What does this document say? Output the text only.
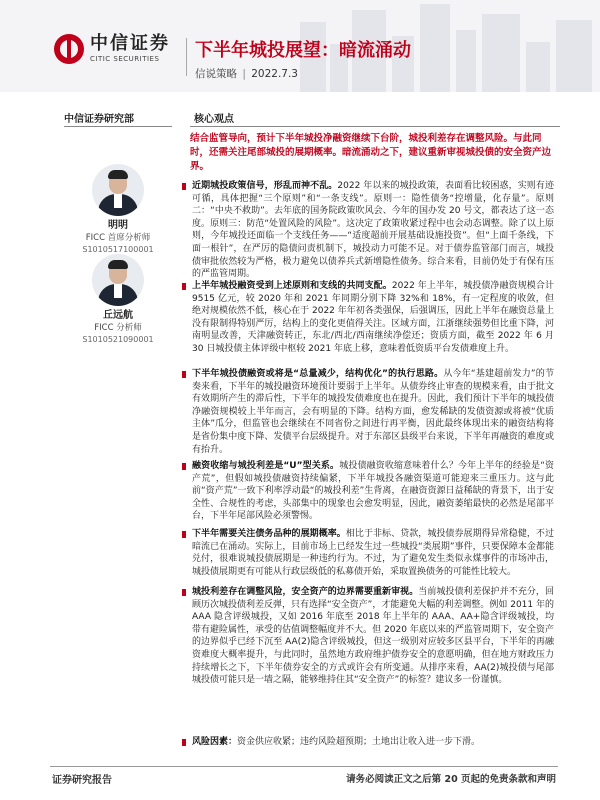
中信证券
CITIC SECURITIES	下半年城投展望：暗流涌动
信说策略 | 2022.7.3
中信证券研究部	核心观点
明明
FICC 首席分析师
S1010517100001
丘远航
FICC 分析师
S1010521090001
结合监管导向，预计下半年城投净融资继续下台阶，城投利差存在调整风险。与此同时，还需关注尾部城投的展期概率。暗流涌动之下，建议重新审视城投债的安全资产边界。
近期城投政策信号，形乱而神不乱。2022 年以来的城投政策，表面看比较困惑，实则有迹可循，具体把握“三个原则”和“一条支线”。原则一：隐性债务“控增量，化存量”。原则二：“中央不救助”。去年底的国务院政策吹风会、今年的国办发 20 号文，都表达了这一态度。原则三：防范“处置风险的风险”。这决定了政策收紧过程中也会动态调整。除了以上原则，今年城投还面临一个支线任务——“适度超前开展基础设施投资”。但“上面千条线，下面一根针”，在严厉的隐债问责机制下，城投动力可能不足。对于债券监管部门而言，城投债审批依然较为严格，极力避免以债养兵式新增隐性债务。综合来看，目前仍处于有保有压的严监管周期。
上半年城投融资受到上述原则和支线的共同支配。2022 年上半年，城投债净融资规模合计 9515 亿元，较 2020 年和 2021 年同期分别下降 32%和 18%，有一定程度的收敛，但绝对规模依然不低，核心在于 2022 年年初各类强保，后强调压，因此上半年在融资总量上没有限制得特别严厉，结构上的变化更值得关注。区域方面，江浙继续强势但比重下降，河南明显改善，天津融资转正，东北/西北/西南继续净偿还；资质方面，截至 2022 年 6 月 30 日城投债主体评级中枢较 2021 年底上移，意味着低资质平台发债难度上升。
下半年城投债融资或将是“总量减少，结构优化”的执行思路。从今年“基建超前发力”的节奏来看，下半年的城投融资环境预计要弱于上半年。从债券终止审查的规模来看，由于批文有效期所产生的滞后性，下半年的城投发债难度也在提升。因此，我们预计下半年的城投债净融资规模较上半年而言，会有明显的下降。结构方面，愈发稀缺的发债资源或将被“优质主体”瓜分，但监管也会继续在不同省份之间进行再平衡，因此最终体现出来的融资结构将是省份集中度下降、发债平台层级提升。对于东部区县级平台来说，下半年再融资的难度或有抬升。
融资收缩与城投利差是“U”型关系。城投债融资收缩意味着什么？今年上半年的经验是“资产荒”，但假如城投债融资持续偏紧，下半年城投各融资渠道可能迎来三重压力。这与此前“资产荒”一致下利率浮动最“的城投利差”生背离，在融资资源日益稀缺的背景下，出于安全性、合规性的考虑，头部集中的现象也会愈发明显，因此，融资萎缩最快的必然是尾部平台，下半年尾部风险必须警惕。
下半年需要关注债务品种的展期概率。相比于非标、贷款，城投债券展期得异常稳健，不过暗流已在涌动。实际上，目前市场上已经发生过一些城投“类展期”事件，只要保障本金都能兑付，很难说城投债展期是一种违约行为。不过，为了避免发生类似永煤事件的市场冲击，城投债展期更有可能从行政层级低的私募债开始，采取置换债务的可能性比较大。
城投利差存在调整风险，安全资产的边界需要重新审视。当前城投债利差保护并不充分，回顾历次城投债利差反弹，只有选择“安全资产”，才能避免大幅的利差调整。例如 2011 年的 AAA 隐含评级城投，又如 2016 年底至 2018 年上半年的 AAA、AA+隐含评级城投，均带有避险属性，承受的估值调整幅度并不大。但 2020 年底以来的严监管周期下，安全资产的边界似乎已经下沉至 AA(2)隐含评级城投，但这一级别对应较多区县平台，下半年的再融资难度大概率提升，与此同时，虽然地方政府维护债券安全的意愿明确，但在地方财政压力持续增长之下，下半年债券安全的方式或许会有所变通。从排序来看，AA(2)城投债与尾部城投债可能只是一墙之隔，能够维持住其“安全资产”的标签？建议多一份谨慎。
风险因素：资金供应收紧；违约风险超预期；土地出让收入进一步下滑。
证券研究报告	请务必阅读正文之后第 20 页起的免责条款和声明
